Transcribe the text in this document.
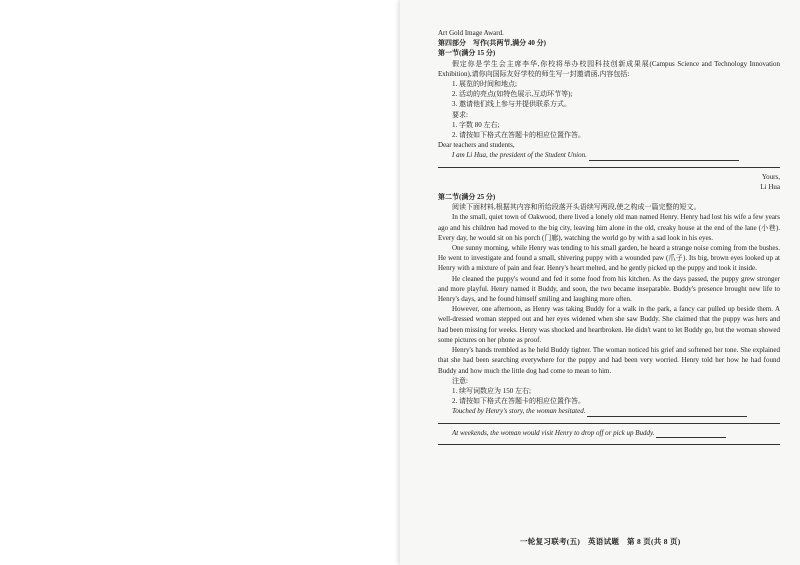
Art Gold Image Award.

第四部分　写作(共两节,满分 40 分)

第一节(满分 15 分)

假定你是学生会主席李华,你校将举办校园科技创新成果展(Campus Science and Technology Innovation Exhibition),请你向国际友好学校的师生写一封邀请函,内容包括:

1. 展览的时间和地点;

2. 活动的亮点(如特色展示,互动环节等);

3. 邀请他们线上参与并提供联系方式。

要求:

1. 字数 80 左右;

2. 请按如下格式在答题卡的相应位置作答。

Dear teachers and students,

I am Li Hua, the president of the Student Union.

Yours,

Li Hua

第二节(满分 25 分)

阅读下面材料,根据其内容和所给段落开头语续写两段,使之构成一篇完整的短文。

In the small, quiet town of Oakwood, there lived a lonely old man named Henry. Henry had lost his wife a few years ago and his children had moved to the big city, leaving him alone in the old, creaky house at the end of the lane (小巷). Every day, he would sit on his porch (门廊), watching the world go by with a sad look in his eyes.

One sunny morning, while Henry was tending to his small garden, he heard a strange noise coming from the bushes. He went to investigate and found a small, shivering puppy with a wounded paw (爪子). Its big, brown eyes looked up at Henry with a mixture of pain and fear. Henry's heart melted, and he gently picked up the puppy and took it inside.

He cleaned the puppy's wound and fed it some food from his kitchen. As the days passed, the puppy grew stronger and more playful. Henry named it Buddy, and soon, the two became inseparable. Buddy's presence brought new life to Henry's days, and he found himself smiling and laughing more often.

However, one afternoon, as Henry was taking Buddy for a walk in the park, a fancy car pulled up beside them. A well-dressed woman stepped out and her eyes widened when she saw Buddy. She claimed that the puppy was hers and had been missing for weeks. Henry was shocked and heartbroken. He didn't want to let Buddy go, but the woman showed some pictures on her phone as proof.

Henry's hands trembled as he held Buddy tighter. The woman noticed his grief and softened her tone. She explained that she had been searching everywhere for the puppy and had been very worried. Henry told her how he had found Buddy and how much the little dog had come to mean to him.

注意:

1. 续写词数应为 150 左右;

2. 请按如下格式在答题卡的相应位置作答。

Touched by Henry's story, the woman hesitated.

At weekends, the woman would visit Henry to drop off or pick up Buddy.

一轮复习联考(五)　英语试题　第 8 页(共 8 页)
